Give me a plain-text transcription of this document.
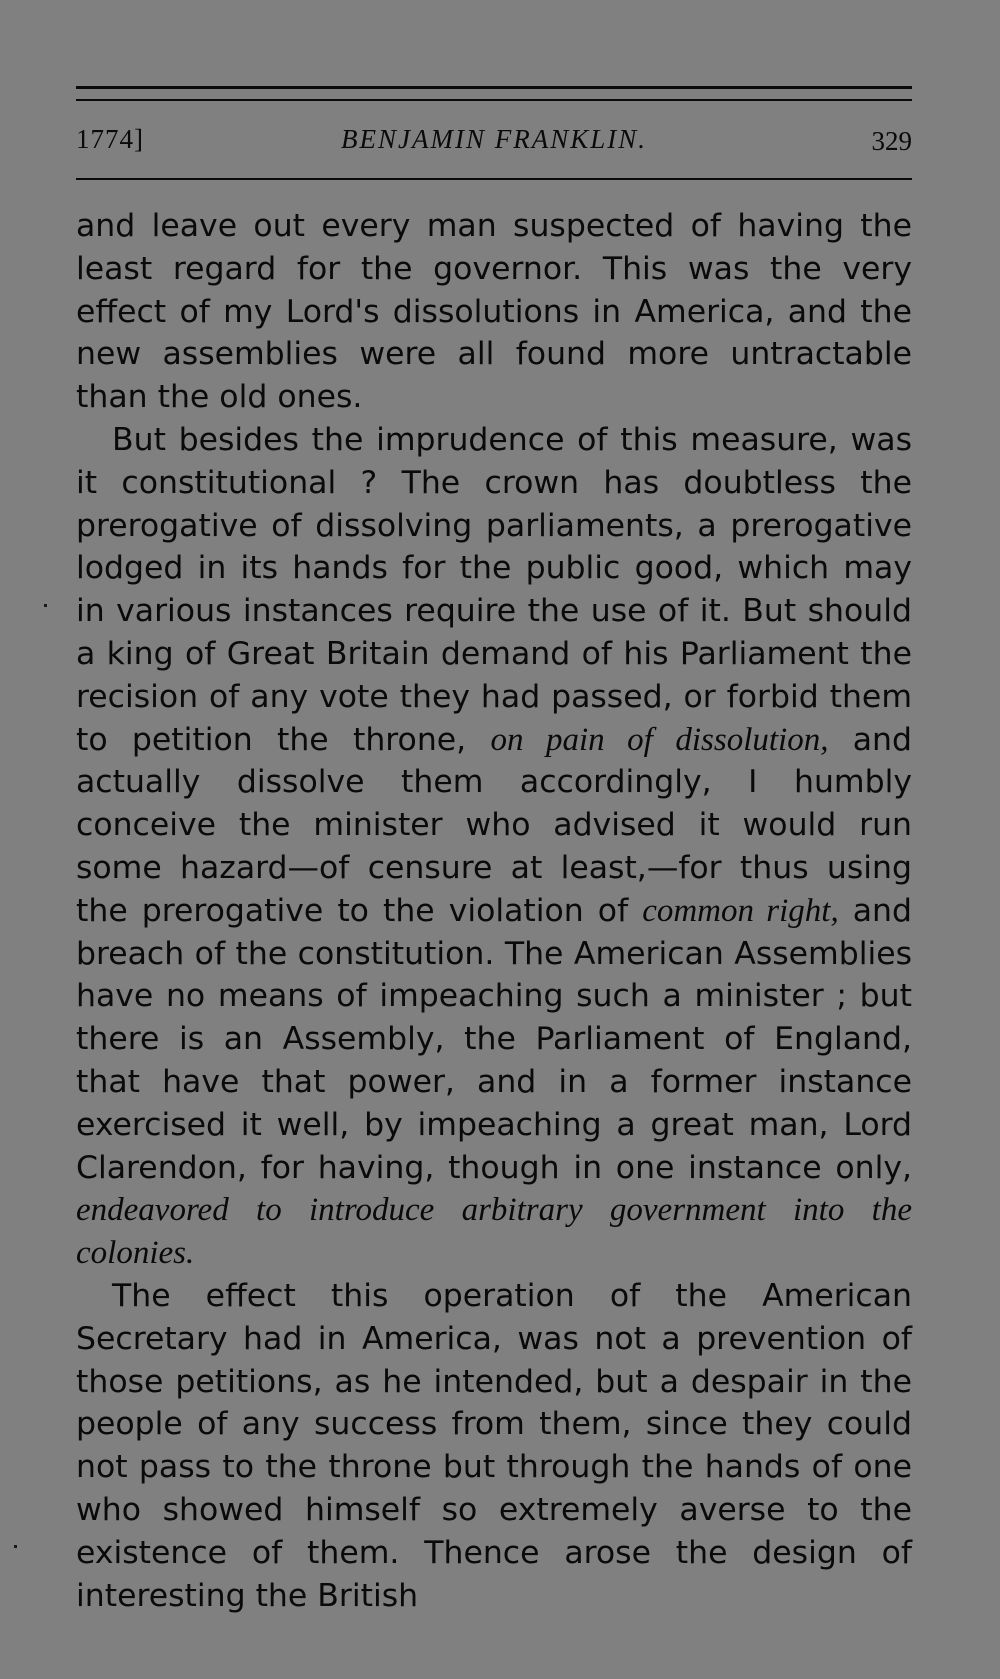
1774]	BENJAMIN FRANKLIN.	329

and leave out every man suspected of having the least regard for the governor. This was the very effect of my Lord's dissolutions in America, and the new assemblies were all found more untractable than the old ones.

But besides the imprudence of this measure, was it constitutional ? The crown has doubtless the prerogative of dissolving parliaments, a prerogative lodged in its hands for the public good, which may in various instances require the use of it. But should a king of Great Britain demand of his Parliament the recision of any vote they had passed, or forbid them to petition the throne, on pain of dissolution, and actually dissolve them accordingly, I humbly conceive the minister who advised it would run some hazard—of censure at least,—for thus using the prerogative to the violation of common right, and breach of the constitution. The American Assemblies have no means of impeaching such a minister ; but there is an Assembly, the Parliament of England, that have that power, and in a former instance exercised it well, by impeaching a great man, Lord Clarendon, for having, though in one instance only, endeavored to introduce arbitrary government into the colonies.

The effect this operation of the American Secretary had in America, was not a prevention of those petitions, as he intended, but a despair in the people of any success from them, since they could not pass to the throne but through the hands of one who showed himself so extremely averse to the existence of them. Thence arose the design of interesting the British
